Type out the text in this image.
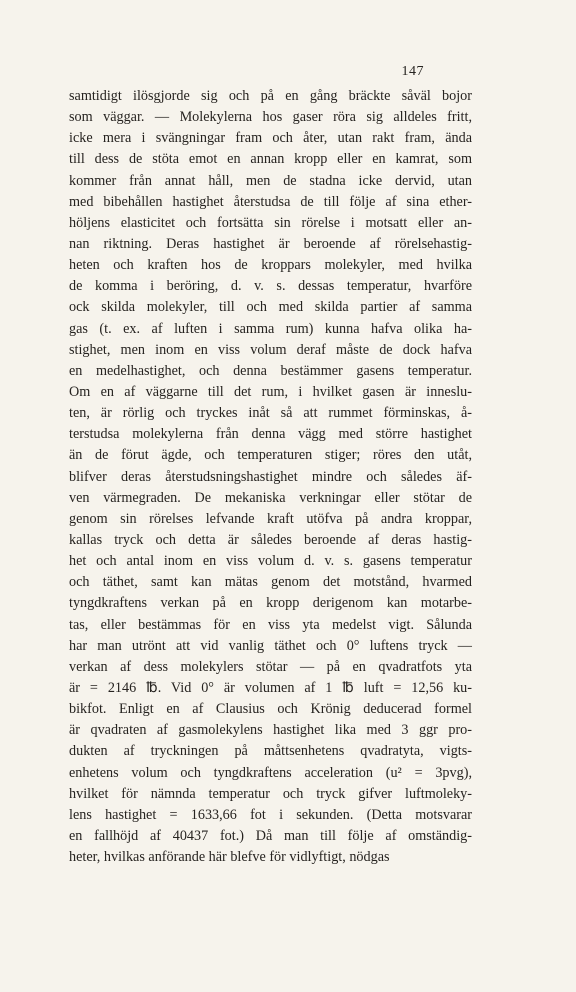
147
samtidigt ilösgjorde sig och på en gång bräckte såväl bojor
som väggar. — Molekylerna hos gaser röra sig alldeles fritt,
icke mera i svängningar fram och åter, utan rakt fram, ända
till dess de stöta emot en annan kropp eller en kamrat, som
kommer från annat håll, men de stadna icke dervid, utan
med bibehållen hastighet återstudsa de till följe af sina ether-
höljens elasticitet och fortsätta sin rörelse i motsatt eller an-
nan riktning. Deras hastighet är beroende af rörelsehastig-
heten och kraften hos de kroppars molekyler, med hvilka
de komma i beröring, d. v. s. dessas temperatur, hvarföre
ock skilda molekyler, till och med skilda partier af samma
gas (t. ex. af luften i samma rum) kunna hafva olika ha-
stighet, men inom en viss volum deraf måste de dock hafva
en medelhastighet, och denna bestämmer gasens temperatur.
Om en af väggarne till det rum, i hvilket gasen är inneslu-
ten, är rörlig och tryckes inåt så att rummet förminskas, å-
terstudsa molekylerna från denna vägg med större hastighet
än de förut ägde, och temperaturen stiger; röres den utåt,
blifver deras återstudsningshastighet mindre och således äf-
ven värmegraden. De mekaniska verkningar eller stötar de
genom sin rörelses lefvande kraft utöfva på andra kroppar,
kallas tryck och detta är således beroende af deras hastig-
het och antal inom en viss volum d. v. s. gasens temperatur
och täthet, samt kan mätas genom det motstånd, hvarmed
tyngdkraftens verkan på en kropp derigenom kan motarbe-
tas, eller bestämmas för en viss yta medelst vigt. Sålunda
har man utrönt att vid vanlig täthet och 0° luftens tryck —
verkan af dess molekylers stötar — på en qvadratfots yta
är = 2146 ℔. Vid 0° är volumen af 1 ℔ luft = 12,56 ku-
bikfot. Enligt en af Clausius och Krönig deducerad formel
är qvadraten af gasmolekylens hastighet lika med 3 ggr pro-
dukten af tryckningen på måttsenhetens qvadratyta, vigts-
enhetens volum och tyngdkraftens acceleration (u² = 3pvg),
hvilket för nämnda temperatur och tryck gifver luftmoleky-
lens hastighet = 1633,66 fot i sekunden. (Detta motsvarar
en fallhöjd af 40437 fot.) Då man till följe af omständig-
heter, hvilkas anförande här blefve för vidlyftigt, nödgas
